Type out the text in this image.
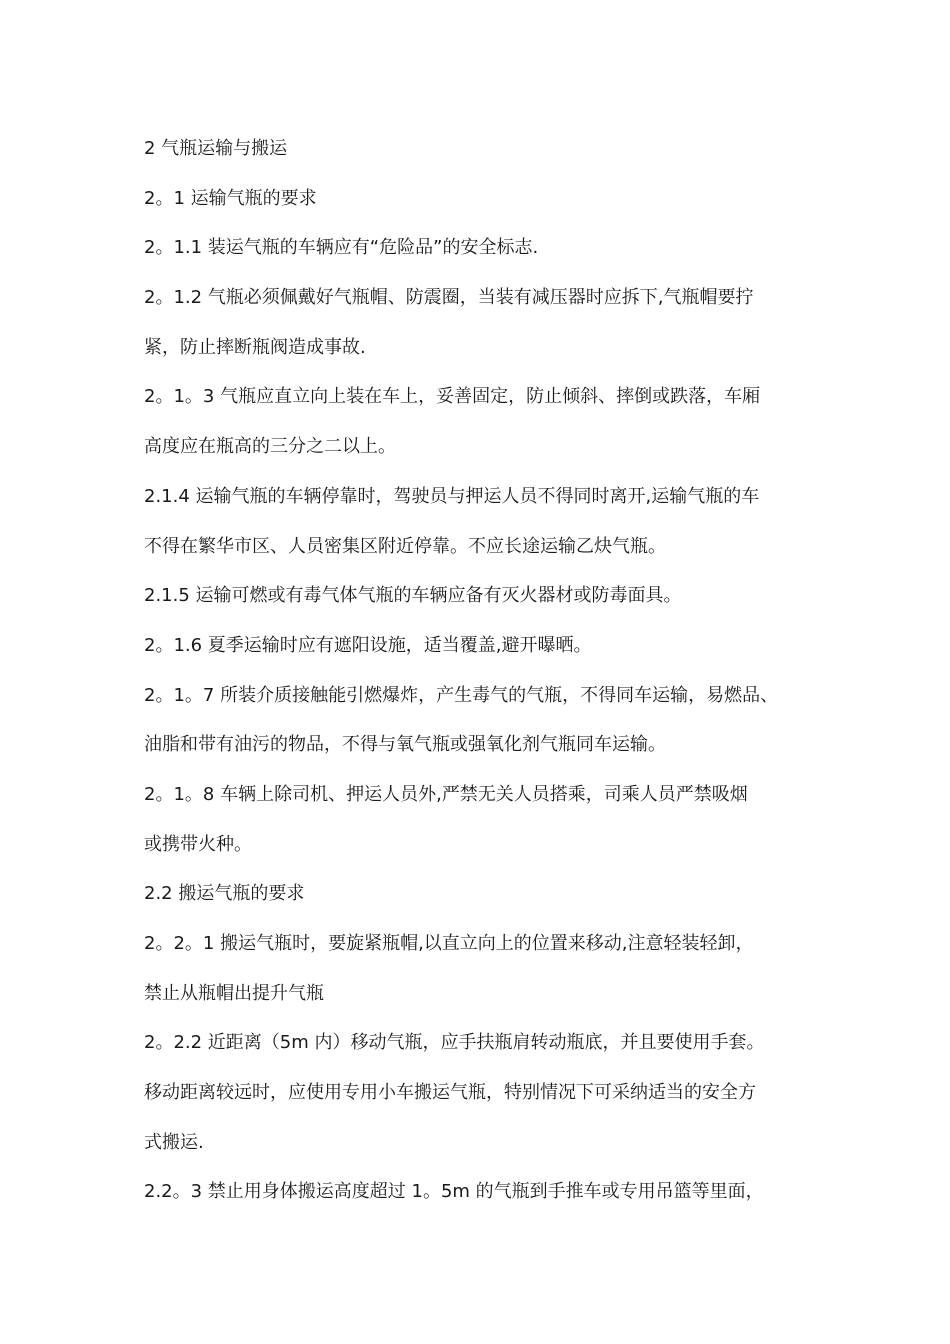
2 气瓶运输与搬运
2。1 运输气瓶的要求
2。1.1 装运气瓶的车辆应有“危险品”的安全标志.
2。1.2 气瓶必须佩戴好气瓶帽、防震圈，当装有减压器时应拆下,气瓶帽要拧
紧，防止摔断瓶阀造成事故.
2。1。3 气瓶应直立向上装在车上，妥善固定，防止倾斜、摔倒或跌落，车厢
高度应在瓶高的三分之二以上。
2.1.4 运输气瓶的车辆停靠时，驾驶员与押运人员不得同时离开,运输气瓶的车
不得在繁华市区、人员密集区附近停靠。不应长途运输乙炔气瓶。
2.1.5 运输可燃或有毒气体气瓶的车辆应备有灭火器材或防毒面具。
2。1.6 夏季运输时应有遮阳设施，适当覆盖,避开曝晒。
2。1。7 所装介质接触能引燃爆炸，产生毒气的气瓶，不得同车运输，易燃品、
油脂和带有油污的物品，不得与氧气瓶或强氧化剂气瓶同车运输。
2。1。8 车辆上除司机、押运人员外,严禁无关人员搭乘，司乘人员严禁吸烟
或携带火种。
2.2 搬运气瓶的要求
2。2。1 搬运气瓶时，要旋紧瓶帽,以直立向上的位置来移动,注意轻装轻卸，
禁止从瓶帽出提升气瓶
2。2.2 近距离（5m 内）移动气瓶，应手扶瓶肩转动瓶底，并且要使用手套。
移动距离较远时，应使用专用小车搬运气瓶，特别情况下可采纳适当的安全方
式搬运.
2.2。3 禁止用身体搬运高度超过 1。5m 的气瓶到手推车或专用吊篮等里面，
